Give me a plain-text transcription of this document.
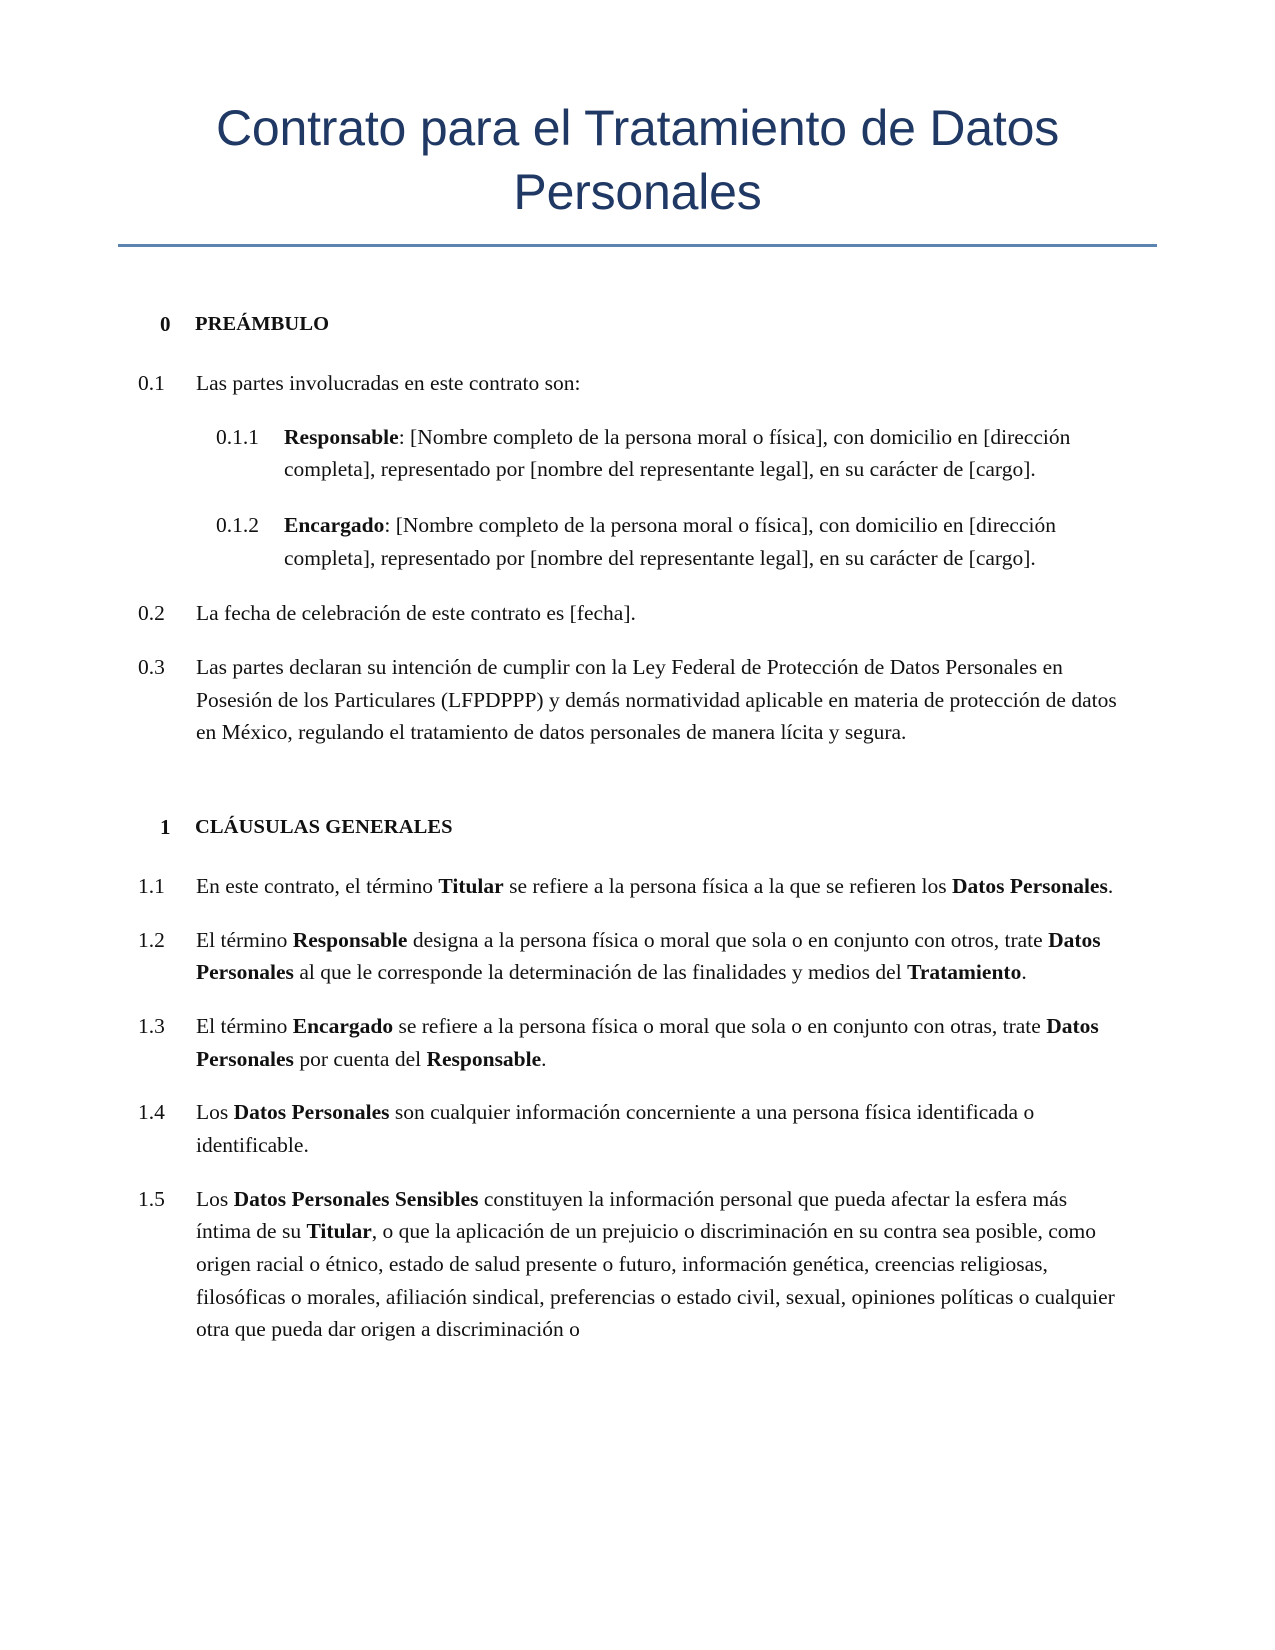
Contrato para el Tratamiento de Datos Personales
0	PREÁMBULO
0.1	Las partes involucradas en este contrato son:
0.1.1	Responsable: [Nombre completo de la persona moral o física], con domicilio en [dirección completa], representado por [nombre del representante legal], en su carácter de [cargo].
0.1.2	Encargado: [Nombre completo de la persona moral o física], con domicilio en [dirección completa], representado por [nombre del representante legal], en su carácter de [cargo].
0.2	La fecha de celebración de este contrato es [fecha].
0.3	Las partes declaran su intención de cumplir con la Ley Federal de Protección de Datos Personales en Posesión de los Particulares (LFPDPPP) y demás normatividad aplicable en materia de protección de datos en México, regulando el tratamiento de datos personales de manera lícita y segura.
1	CLÁUSULAS GENERALES
1.1	En este contrato, el término Titular se refiere a la persona física a la que se refieren los Datos Personales.
1.2	El término Responsable designa a la persona física o moral que sola o en conjunto con otros, trate Datos Personales al que le corresponde la determinación de las finalidades y medios del Tratamiento.
1.3	El término Encargado se refiere a la persona física o moral que sola o en conjunto con otras, trate Datos Personales por cuenta del Responsable.
1.4	Los Datos Personales son cualquier información concerniente a una persona física identificada o identificable.
1.5	Los Datos Personales Sensibles constituyen la información personal que pueda afectar la esfera más íntima de su Titular, o que la aplicación de un prejuicio o discriminación en su contra sea posible, como origen racial o étnico, estado de salud presente o futuro, información genética, creencias religiosas, filosóficas o morales, afiliación sindical, preferencias o estado civil, sexual, opiniones políticas o cualquier otra que pueda dar origen a discriminación o
